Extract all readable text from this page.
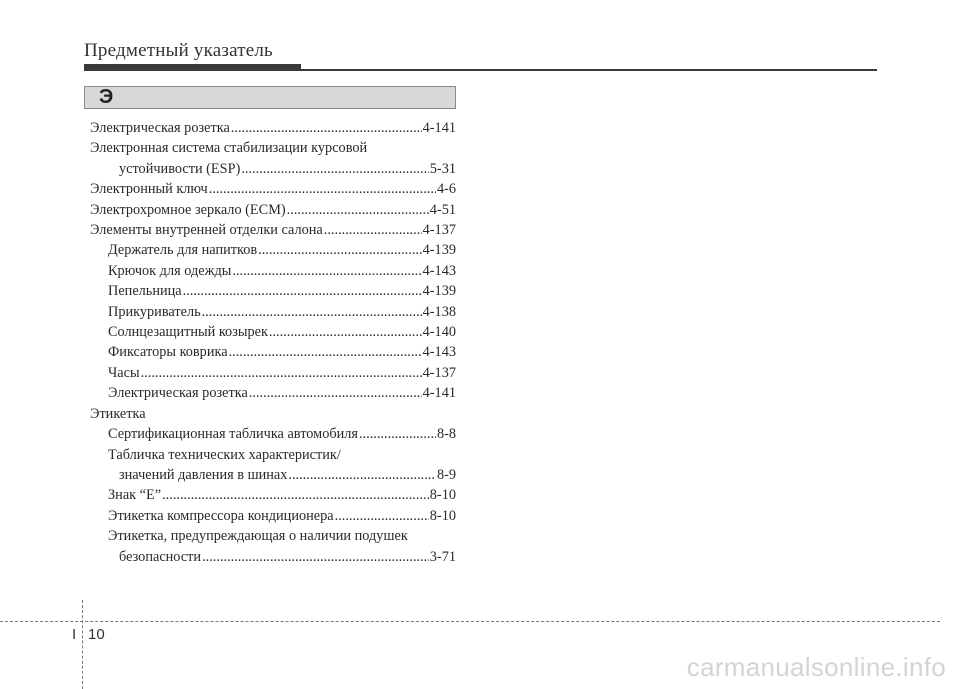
Предметный указатель
Э
Электрическая розетка .....	4-141
Электронная система стабилизации курсовой
устойчивости (ESP) .....	5-31
Электронный ключ .....	4-6
Электрохромное зеркало (ECM) .....	4-51
Элементы внутренней отделки салона .....	4-137
Держатель для напитков .....	4-139
Крючок для одежды .....	4-143
Пепельница .....	4-139
Прикуриватель .....	4-138
Солнцезащитный козырек .....	4-140
Фиксаторы коврика .....	4-143
Часы .....	4-137
Электрическая розетка .....	4-141
Этикетка
Сертификационная табличка автомобиля .....	8-8
Табличка технических характеристик/
значений давления в шинах .....	8-9
Знак “E” .....	8-10
Этикетка компрессора кондиционера .....	8-10
Этикетка, предупреждающая о наличии подушек
безопасности .....	3-71
I 10
carmanualsonline.info
